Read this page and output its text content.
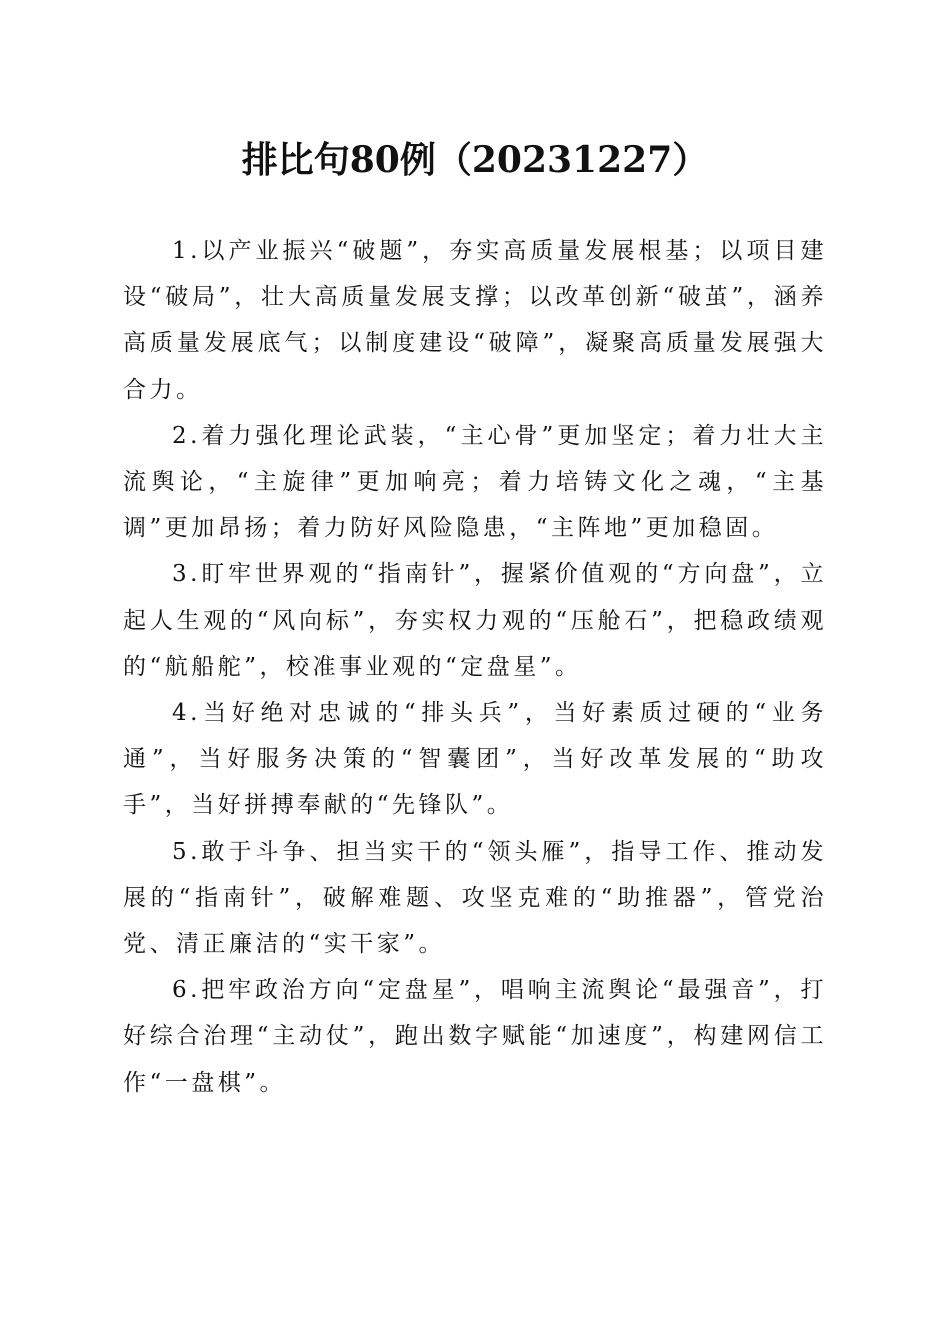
排比句80例（20231227）

1.以产业振兴“破题”，夯实高质量发展根基；以项目建设“破局”，壮大高质量发展支撑；以改革创新“破茧”，涵养高质量发展底气；以制度建设“破障”，凝聚高质量发展强大合力。

2.着力强化理论武装，“主心骨”更加坚定；着力壮大主流舆论，“主旋律”更加响亮；着力培铸文化之魂，“主基调”更加昂扬；着力防好风险隐患，“主阵地”更加稳固。

3.盯牢世界观的“指南针”，握紧价值观的“方向盘”，立起人生观的“风向标”，夯实权力观的“压舱石”，把稳政绩观的“航船舵”，校准事业观的“定盘星”。

4.当好绝对忠诚的“排头兵”，当好素质过硬的“业务通”，当好服务决策的“智囊团”，当好改革发展的“助攻手”，当好拼搏奉献的“先锋队”。

5.敢于斗争、担当实干的“领头雁”，指导工作、推动发展的“指南针”，破解难题、攻坚克难的“助推器”，管党治党、清正廉洁的“实干家”。

6.把牢政治方向“定盘星”，唱响主流舆论“最强音”，打好综合治理“主动仗”，跑出数字赋能“加速度”，构建网信工作“一盘棋”。
